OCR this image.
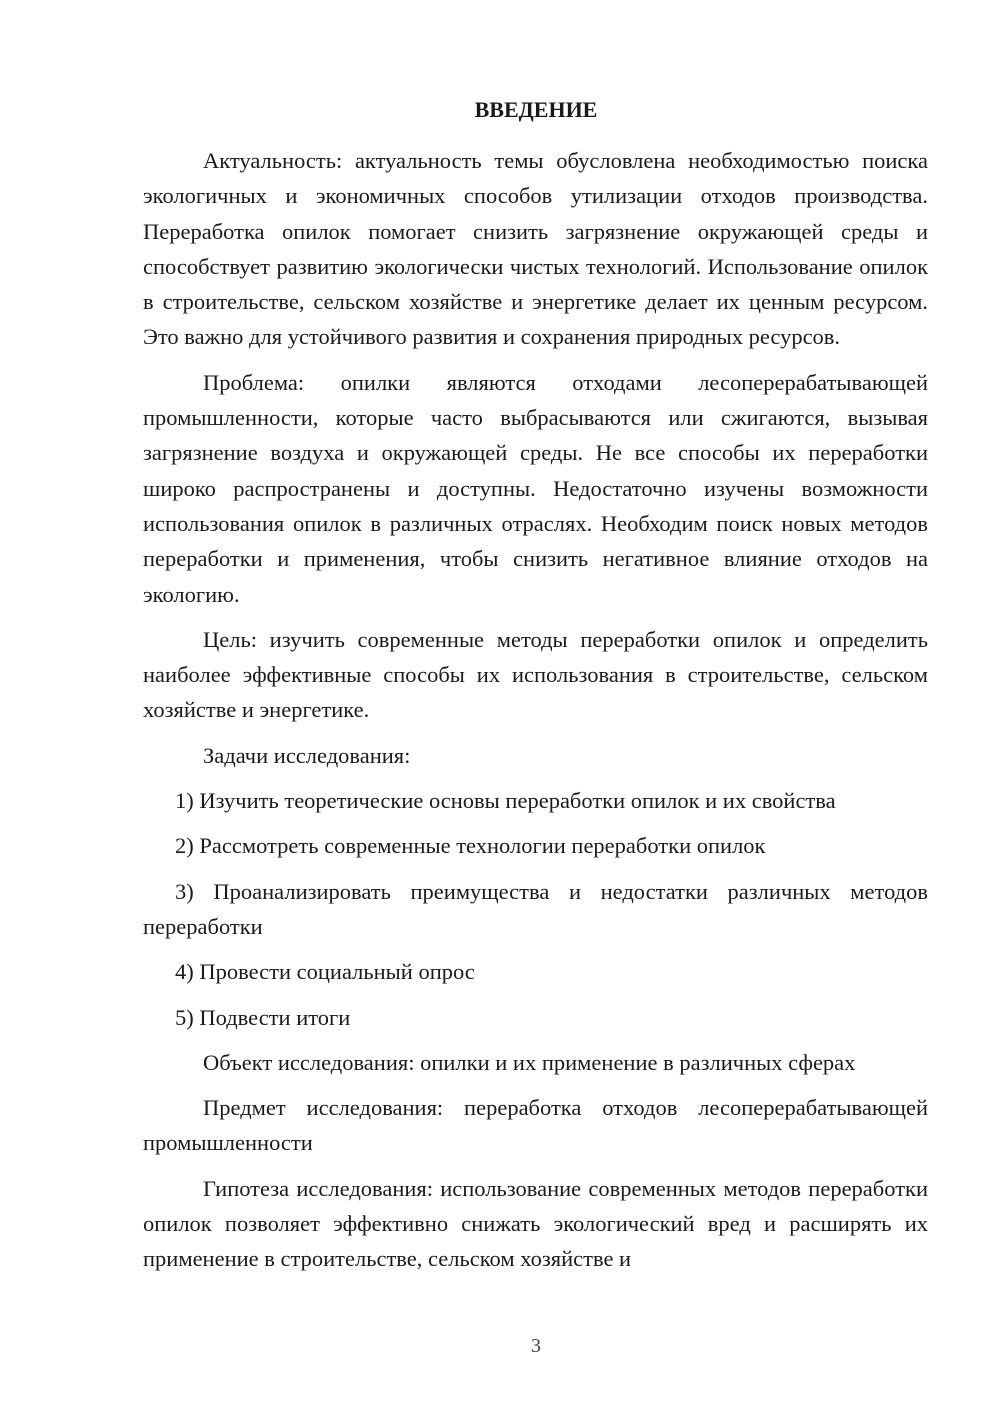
ВВЕДЕНИЕ

Актуальность: актуальность темы обусловлена необходимостью поиска экологичных и экономичных способов утилизации отходов производства. Переработка опилок помогает снизить загрязнение окружающей среды и способствует развитию экологически чистых технологий. Использование опилок в строительстве, сельском хозяйстве и энергетике делает их ценным ресурсом. Это важно для устойчивого развития и сохранения природных ресурсов.

Проблема: опилки являются отходами лесоперерабатывающей промышленности, которые часто выбрасываются или сжигаются, вызывая загрязнение воздуха и окружающей среды. Не все способы их переработки широко распространены и доступны. Недостаточно изучены возможности использования опилок в различных отраслях. Необходим поиск новых методов переработки и применения, чтобы снизить негативное влияние отходов на экологию.

Цель: изучить современные методы переработки опилок и определить наиболее эффективные способы их использования в строительстве, сельском хозяйстве и энергетике.

Задачи исследования:

1) Изучить теоретические основы переработки опилок и их свойства

2) Рассмотреть современные технологии переработки опилок

3) Проанализировать преимущества и недостатки различных методов переработки

4) Провести социальный опрос

5) Подвести итоги

Объект исследования: опилки и их применение в различных сферах

Предмет исследования: переработка отходов лесоперерабатывающей промышленности

Гипотеза исследования: использование современных методов переработки опилок позволяет эффективно снижать экологический вред и расширять их применение в строительстве, сельском хозяйстве и

3
